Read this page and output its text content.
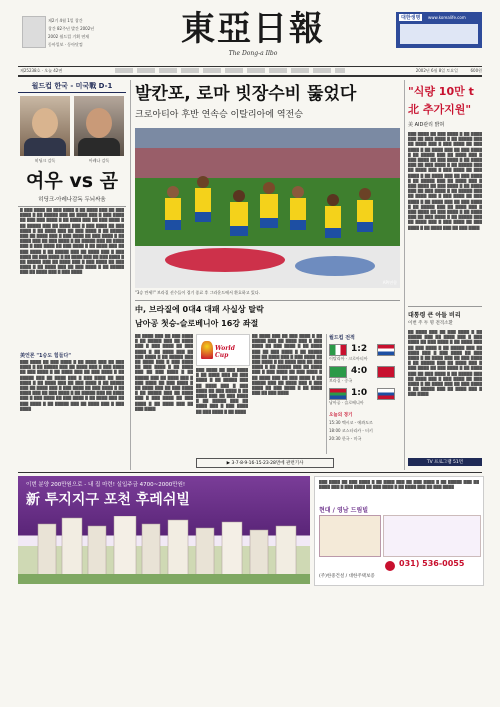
제2기 4월 1일 창간
창간 82주년 발간 2002년
2002 월드컵 기획 연재
동아일보 · 동아닷컴	東亞日報
The Dong-a Ilbo
대한생명	www.korealife.com
제25238호 · 오늘 42면	2002년 6월 8일 토요일	600원
월드컵 한국 - 미국戰 D-1
히딩크 감독	아레나 감독
여우 vs 곰
히딩크-아레나감독 두뇌싸움

█ ███ ████ ██ ███ ████ █ ██ ████ ███ ██ ███ ████ █ ██ █████ ███ ██ ████ ███ █ ███ ████ ██ ███ ███ ████ █ ██ ████ ███ ██ ███ ████ █ ██ █████ ███ ██ ████ ███ █ ███ ████ ██ ███ ████ █ ██ ████ ███ ██ ███ ████ █ ██ █████ ███ ██ ████ ███ █ ███ ████ ██ ███ ████ █ ██ ████ ███ ██ ███ ████ █ ██ █████ ███ ██ ████ ███ █ ███ ████ ██ ███ ████ █ ██ ████ ███ ██ ███ ████ █ ██ █████ ███ ██ ████ ███ █ ███ ████ ██ ███ ████ █ ██ ████ ███ ██ ███ ████ █ ██ █████ ███ ██ ████ ███ █ ███ ████ ██ ███ ████ █ ██ ████ ███ ██ ███ ████ █ ██ █████ ███ ██ ████ ███ █ ███ ████

美언론 "1승도 힘들다"

███ ████ ██ ███ ████ █ ██ ████ ███ ██ ███ ████ █ ██ █████ ███ ██ ████ ███ █ ███ ████ ██ ███ ████ █ ██ ████ ███ ██ ███ ████ █ ██ █████ ███ ██ ████ ███ █ ███ ████ ██ ███ ████ █ ██ ████ ███ ██ ███ ████ █ ██ █████ ███ ██ ████ ███ █ ███ ████ ██ ███ ████ █ ██ ████ ███ ██ ███ ████ █ ██ █████ ███ ██ ████ ███ █ ███ ████ ██ ███ ████ █ ██ ████ ███ ██ ███ ████ █ ██ █████ ███ ██ ████ ███ █ ███ ████

발칸포, 로마 빗장수비 뚫었다
크로아티아 후반 연속승 이탈리아에 역전승
AP/연합
"3승 만세!" 브라질 선수들이 경기 종료 후 그라운드에서 환호하고 있다.
中, 브라질에 0대4 대패 사실상 탈락
남아공 첫승-슬로베니아 16강 좌절

██ ████ ███ ██ ███ ████ █ ██ █████ ███ ██ ████ ███ █ ███ ████ ██ ███ ████ █ ██ ████ ███ ██ ███ ████ █ ██ █████ ███ ██ ████ ███ █ ███ ████ ██ ███ ████ █ ██ ████ ███ ██ ███ ████ █ ██ █████ ███ ██ ████ ███ █ ███ ████ ██ ███ ████ █ ██ ████ ███ ██ ███ ████ █ ██ █████ ███ ██ ████ ███ █ ███ ████ ██ ███ ████ █ ██ ████ ███ ██ ███ ████

World Cup

███ ████ ██ ███ ████ █ ██ ████ ███ ██ ███ ████ █ ██ █████ ███ ██ ████ ███ █ ███ ████ ██ ███ ████ █ ██ ████ ███ ██ ███ ████ █ ██ █████ ███ ██ ████ ███ █ ███ ████ ██ ███ ████ █ ██ ████

██ ████ ███ ██ ███ ████ █ ██ █████ ███ ██ ████ ███ █ ███ ████ ██ ███ ████ █ ██ ████ ███ ██ ███ ████ █ ██ █████ ███ ██ ████ ███ █ ███ ████ ██ ███ ████ █ ██ ████ ███ ██ ███ ████ █ ██ █████ ███ ██ ████ ███ █ ███ ████ ██ ███ ████ █ ██ ████ ███ ██ ███ ████ █ ██ █████ ███ ██ ████ ███ █ ███ ████ ██ ███ ████ █ ██ ████ ███ ██ ███ ████

월드컵 전적
1:2
이탈리아 · 크로아티아
4:0
브라질 · 중국
1:0
남아공 · 슬로베니아
오늘의 경기
15:30 멕시코 - 에콰도르
18:00 코스타리카 - 터키
20:30 한국 - 미국
▶ 3·7·8·9·16·15·23·28면에 관련기사
"식량 10만 t
北 추가지원"
美 AID관리 밝혀

███ ████ ██ ███ ████ █ ██ ████ ███ ██ ███ ████ █ ██ █████ ███ ██ ████ ███ █ ███ ████ ██ ███ ████ █ ██ ████ ███ ██ ███ ████ █ ██ █████ ███ ██ ████ ███ █ ███ ████ ██ ███ ████ █ ██ ████ ███ ██ ███ ████ █ ██ █████ ███ ██ ████ ███ █ ███ ████ ██ ███ ████ █ ██ ████ ███ ██ ███ ████ █ ██ █████ ███ ██ ████ ███ █ ███ ████ ██ ███ ████ █ ██ ████ ███ ██ ███ ████ █ ██ █████ ███ ██ ████ ███ █ ███ ████ ██ ███ ████ █ ██ ████ ███ ██ ███ ████ █ ██ █████ ███ ██ ████ ███ █ ███ ████ ██ ███ ████ █ ██ ████ ███ ██ ███ ████ █ ██ █████ ███ ██ ████ ███ █ ███ ████ ██ ███ ████ █ ██ ████ ███ ██ ███ ████

대통령 큰 아들 비리
이번 주 두 명 전격소환

██ ████ ███ ██ ███ ████ █ ██ █████ ███ ██ ████ ███ █ ███ ████ ██ ███ ████ █ ██ ████ ███ ██ ███ ████ █ ██ █████ ███ ██ ████ ███ █ ███ ████ ██ ███ ████ █ ██ ████ ███ ██ ███ ████ █ ██ █████ ███ ██ ████ ███ █ ███ ████ ██ ███ ████ █ ██ ████ ███ ██ ███ ████ █ ██ █████ ███ ██ ████ ███ █ ███ ████ ██ ███ ████ █ ██ ████ ███ ██ ███ ████ █ ██ █████ ███ ██ ████ ███ █ ███ ████

TV 프로그램 51면
이번 분양 200만원으로 - 내 집 마련! 실입주금 4700~2000만원!
新 투지지구 포천 후레쉬빌

███ ████ ██ ███ ████ █ ██ ████ ███ ██ ███ ████ █ ██ █████ ███ ██ ████ ███ █ ███ ████ ██ ███ ████ █ ██ ████ ███ ██ ███ ████

현대 / 영남 드림빌
031) 536-0055
(주)한중건설 / 대한주택보증
